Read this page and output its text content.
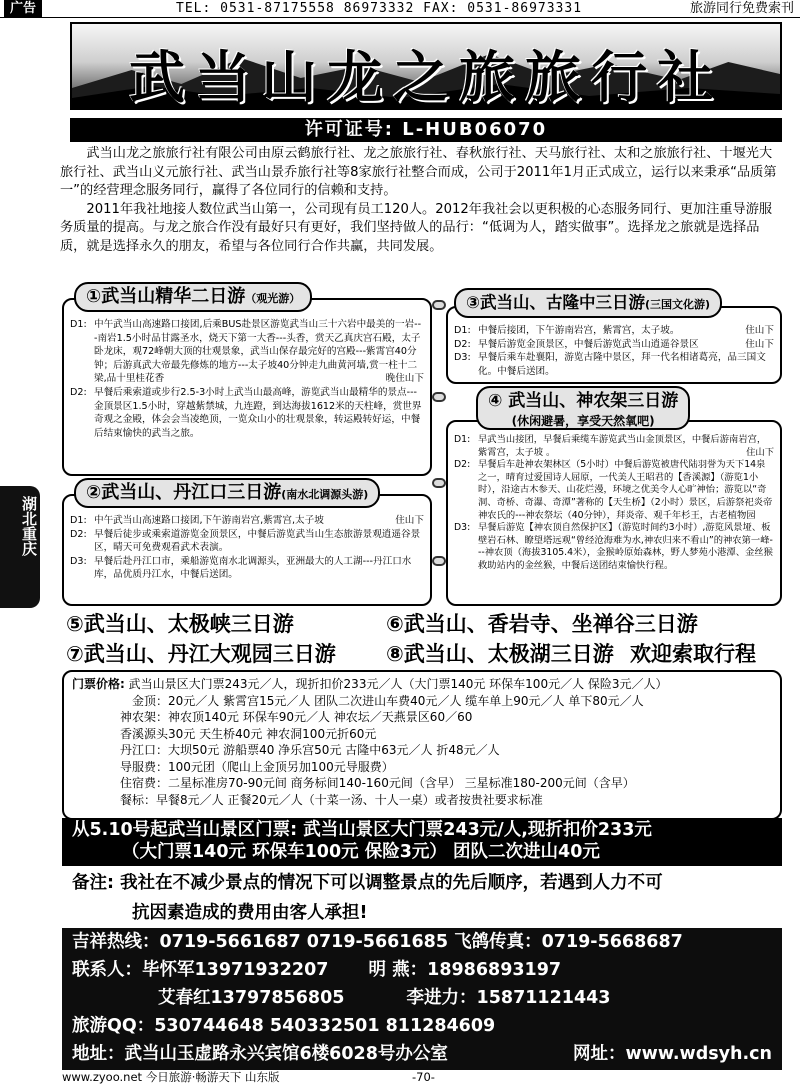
广告	TEL: 0531-87175558 86973332 FAX: 0531-86973331	旅游同行免费索刊
武当山龙之旅旅行社
许可证号: L-HUB06070
武当山龙之旅旅行社有限公司由原云鹤旅行社、龙之旅旅行社、春秋旅行社、天马旅行社、太和之旅旅行社、十堰光大旅行社、武当山义元旅行社、武当山景乔旅行社等8家旅行社整合而成，公司于2011年1月正式成立，运行以来秉承“品质第一”的经营理念服务同行，赢得了各位同行的信赖和支持。
2011年我社地接人数位武当山第一，公司现有员工120人。2012年我社会以更积极的心态服务同行、更加注重导游服务质量的提高。与龙之旅合作没有最好只有更好，我们坚持做人的品行：“低调为人，踏实做事”。选择龙之旅就是选择品质，就是选择永久的朋友，希望与各位同行合作共赢，共同发展。
湖北重庆
D1: 中午武当山高速路口接团,后乘BUS赴景区游览武当山三十六岩中最美的一岩---南岩1.5小时品甘露圣水，烧天下第一大香---头香，赏天乙真庆宫石殿，太子卧龙床，观72峰朝大顶的壮观景象，武当山保存最完好的宫殿---紫霄宫40分钟；后游真武大帝最先修炼的地方---太子坡40分钟走九曲黄河墙,赏一柱十二梁,品十里桂花香	晚住山下
D2: 早餐后乘索道或步行2.5-3小时上武当山最高峰，游览武当山最精华的景点---金顶景区1.5小时，穿越紫禁城，九连蹬，到达海拔1612米的天柱峰，赏世界奇观之金殿，体会会当凌绝顶，一览众山小的壮观景象，转运殿转好运，中餐后结束愉快的武当之旅。
①武当山精华二日游（观光游）
D1: 中午武当山高速路口接团,下午游南岩宫,紫霄宫,太子坡	住山下
D2: 早餐后徒步或乘索道游览金顶景区，中餐后游览武当山生态旅游景观逍遥谷景区，晴天可免费观看武术表演。
D3: 早餐后赴丹江口市，乘船游览南水北调源头，亚洲最大的人工湖---丹江口水库，品优质丹江水，中餐后送团。
②武当山、丹江口三日游(南水北调源头游)
D1: 中餐后接团，下午游南岩宫，紫霄宫，太子坡。	住山下
D2: 早餐后游览金顶景区，中餐后游览武当山逍遥谷景区	住山下
D3: 早餐后乘车赴襄阳，游览古隆中景区，拜一代名相诸葛亮，品三国文化。中餐后送团。
③武当山、古隆中三日游(三国文化游)
D1: 早武当山接团，早餐后乘缆车游览武当山金顶景区，中餐后游南岩宫，紫霄宫，太子坡 。	住山下
D2: 早餐后车赴神农架林区（5小时）中餐后游览被唐代陆羽誉为天下14泉之一，晴育过爱国诗人屈原，一代美人王昭君的【香溪源】（游览1小时），沿途古木参天、山花烂漫，环境之优美令人心旷神怡；游览以“奇洞、奇桥、奇瀑、奇潭”著称的【天生桥】（2小时）景区，后游祭祀炎帝神农氏的---神农祭坛（40分钟），拜炎帝、观千年杉王，古老植物园
D3: 早餐后游览【神农顶自然保护区】（游览时间约3小时）,游览风景垭、板壁岩石林、瞭望塔远观“曾经沧海难为水,神农归来不看山”的神农第一峰---神农顶（海拔3105.4米），金猴岭原始森林，野人梦苑小港潭、金丝猴救助站内的金丝猴，中餐后送团结束愉快行程。
④ 武当山、神农架三日游
(休闲避暑，享受天然氧吧)
⑤武当山、太极峡三日游	⑥武当山、香岩寺、坐禅谷三日游
⑦武当山、丹江大观园三日游 ⑧武当山、太极湖三日游 欢迎索取行程
门票价格: 武当山景区大门票243元／人，现折扣价233元／人（大门票140元 环保车100元／人 保险3元／人）
金顶：20元／人 紫霄宫15元／人 团队二次进山车费40元／人 缆车单上90元／人 单下80元／人
神农架：神农顶140元 环保车90元／人 神农坛／天燕景区60／60
香溪源头30元 天生桥40元 神农洞100元折60元
丹江口：大坝50元 游船票40 净乐宫50元 古隆中63元／人 折48元／人
导服费：100元团（爬山上金顶另加100元导服费）
住宿费：二星标准房70-90元间 商务标间140-160元间（含早） 三星标准180-200元间（含早）
餐标：早餐8元／人 正餐20元／人（十菜一汤、十人一桌）或者按贵社要求标准
从5.10号起武当山景区门票: 武当山景区大门票243元/人,现折扣价233元
（大门票140元 环保车100元 保险3元） 团队二次进山40元
备注: 我社在不减少景点的情况下可以调整景点的先后顺序，若遇到人力不可
抗因素造成的费用由客人承担!
吉祥热线：0719-5661687 0719-5661685 飞鸽传真：0719-5668687
联系人：毕怀军13971932207 明 燕：18986893197
艾春红13797856805	李进力：15871121443
旅游QQ：530744648 540332501 811284609
地址：武当山玉虚路永兴宾馆6楼6028号办公室	网址：www.wdsyh.cn
www.zyoo.net 今日旅游·畅游天下 山东版	-70-
